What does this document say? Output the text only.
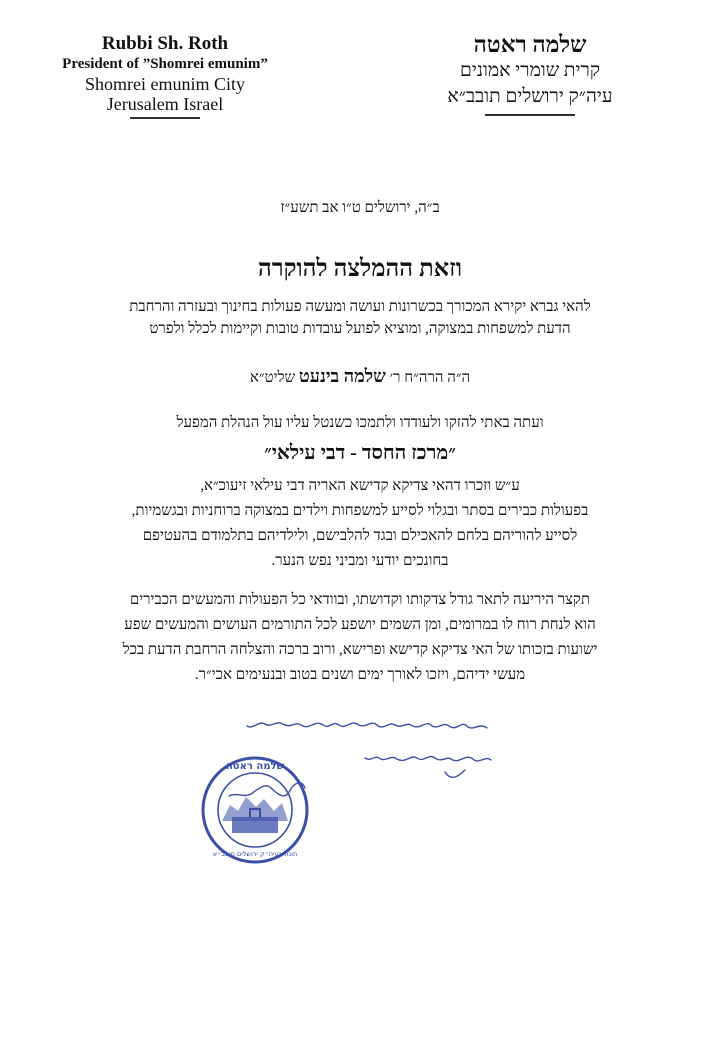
Rubbi Sh. Roth
President of ”Shomrei emunim”
Shomrei emunim City
Jerusalem Israel
שלמה ראטה
קרית שומרי אמונים
עיה״ק ירושלים תובב״א
ב״ה, ירושלים ט״ו אב תשע״ז
וזאת ההמלצה להוקרה
להאי גברא יקירא המכורך בכשרונות ועושה ומעשה פעולות בחינוך ובעזרה והרחבת
הדעת למשפחות במצוקה, ומוציא לפועל עובדות טובות וקיימות לכלל ולפרט
ה״ה הרה״ח ר׳ שלמה בינעט שליט״א
ועתה באתי להזקו ולעודדו ולתמכו כשנטל עליו עול הנהלת המפעל
״מרכז החסד - דבי עילאי״
ע״ש וזכרו דהאי צדיקא קדישא האריה דבי עילאי זיעוכ״א,
בפעולות כבירים בסתר ובגלוי לסייע למשפחות וילדים במצוקה ברוחניות ובגשמיות,
לסייע להוריהם בלחם להאכילם ובגד להלבישם, ולילדיהם בתלמודם בהעטיפם
בחונכים יודעי ומביני נפש הנער.
תקצר היריעה לתאר גודל צדקותו וקדושתו, ובוודאי כל הפעולות והמעשים הכבירים
הוא לנחת רוח לו במרומים, ומן השמים יושפע לכל התורמים העושים והמעשים שפע
ישועות בזכותו של האי צדיקא קדישא ופרישא, ורוב ברכה והצלחה הרחבת הדעת בכל
מעשי ידיהם, ויזכו לאורך ימים ושנים בטוב ובנעימים אכי״ר.
שלמה ראטה
חונה בעיה״ק ירושלים תובב״א
